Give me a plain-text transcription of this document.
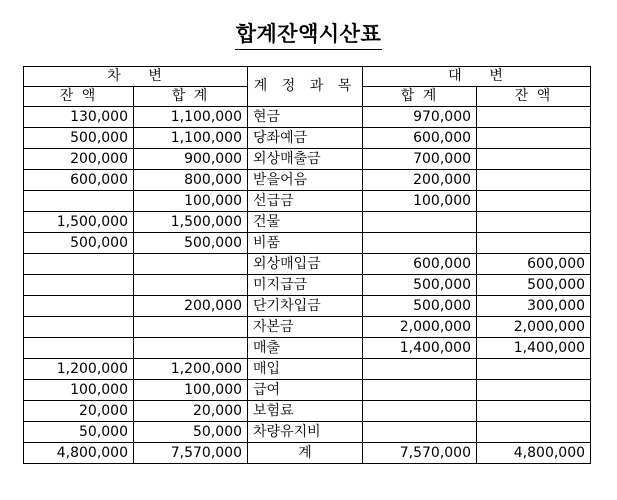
합계잔액시산표
차    변		계 정 과 목	대    변	
잔 액	합 계		합 계	잔 액
130,000	1,100,000	현금	970,000	
500,000	1,100,000	당좌예금	600,000	
200,000	900,000	외상매출금	700,000	
600,000	800,000	받을어음	200,000	
	100,000	선급금	100,000	
1,500,000	1,500,000	건물		
500,000	500,000	비품		
		외상매입금	600,000	600,000
		미지급금	500,000	500,000
	200,000	단기차입금	500,000	300,000
		자본금	2,000,000	2,000,000
		매출	1,400,000	1,400,000
1,200,000	1,200,000	매입		
100,000	100,000	급여		
20,000	20,000	보험료		
50,000	50,000	차량유지비		
4,800,000	7,570,000	계	7,570,000	4,800,000
